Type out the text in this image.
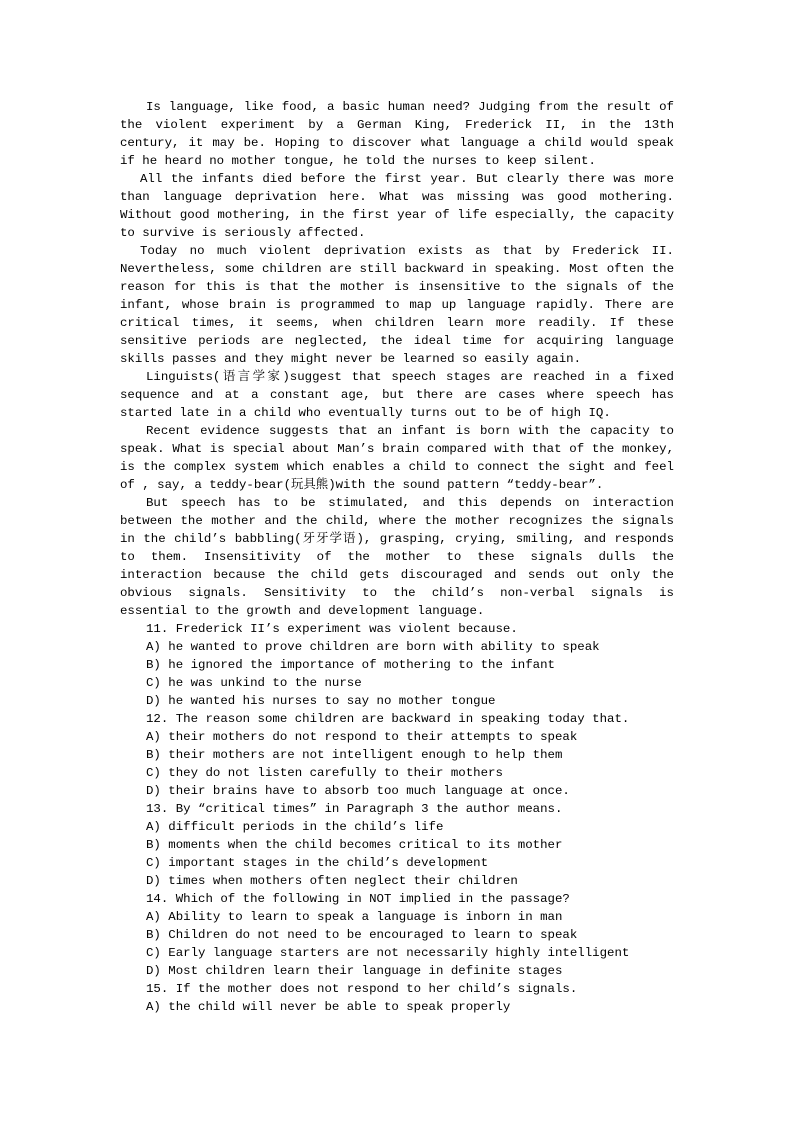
Is language, like food, a basic human need? Judging from the result of the violent experiment by a German King, Frederick II, in the 13th century, it may be. Hoping to discover what language a child would speak if he heard no mother tongue, he told the nurses to keep silent.

All the infants died before the first year. But clearly there was more than language deprivation here. What was missing was good mothering. Without good mothering, in the first year of life especially, the capacity to survive is seriously affected.

Today no much violent deprivation exists as that by Frederick II. Nevertheless, some children are still backward in speaking. Most often the reason for this is that the mother is insensitive to the signals of the infant, whose brain is programmed to map up language rapidly. There are critical times, it seems, when children learn more readily. If these sensitive periods are neglected, the ideal time for acquiring language skills passes and they might never be learned so easily again.

Linguists(语言学家)suggest that speech stages are reached in a fixed sequence and at a constant age, but there are cases where speech has started late in a child who eventually turns out to be of high IQ.

Recent evidence suggests that an infant is born with the capacity to speak. What is special about Man’s brain compared with that of the monkey, is the complex system which enables a child to connect the sight and feel of , say, a teddy-bear(玩具熊)with the sound pattern “teddy-bear”.

But speech has to be stimulated, and this depends on interaction between the mother and the child, where the mother recognizes the signals in the child’s babbling(牙牙学语), grasping, crying, smiling, and responds to them. Insensitivity of the mother to these signals dulls the interaction because the child gets discouraged and sends out only the obvious signals. Sensitivity to the child’s non-verbal signals is essential to the growth and development language.

11. Frederick II’s experiment was violent because.

A) he wanted to prove children are born with ability to speak

B) he ignored the importance of mothering to the infant

C) he was unkind to the nurse

D) he wanted his nurses to say no mother tongue

12. The reason some children are backward in speaking today that.

A) their mothers do not respond to their attempts to speak

B) their mothers are not intelligent enough to help them

C) they do not listen carefully to their mothers

D) their brains have to absorb too much language at once.

13. By “critical times” in Paragraph 3 the author means.

A) difficult periods in the child’s life

B) moments when the child becomes critical to its mother

C) important stages in the child’s development

D) times when mothers often neglect their children

14. Which of the following in NOT implied in the passage?

A) Ability to learn to speak a language is inborn in man

B) Children do not need to be encouraged to learn to speak

C) Early language starters are not necessarily highly intelligent

D) Most children learn their language in definite stages

15. If the mother does not respond to her child’s signals.

A) the child will never be able to speak properly
